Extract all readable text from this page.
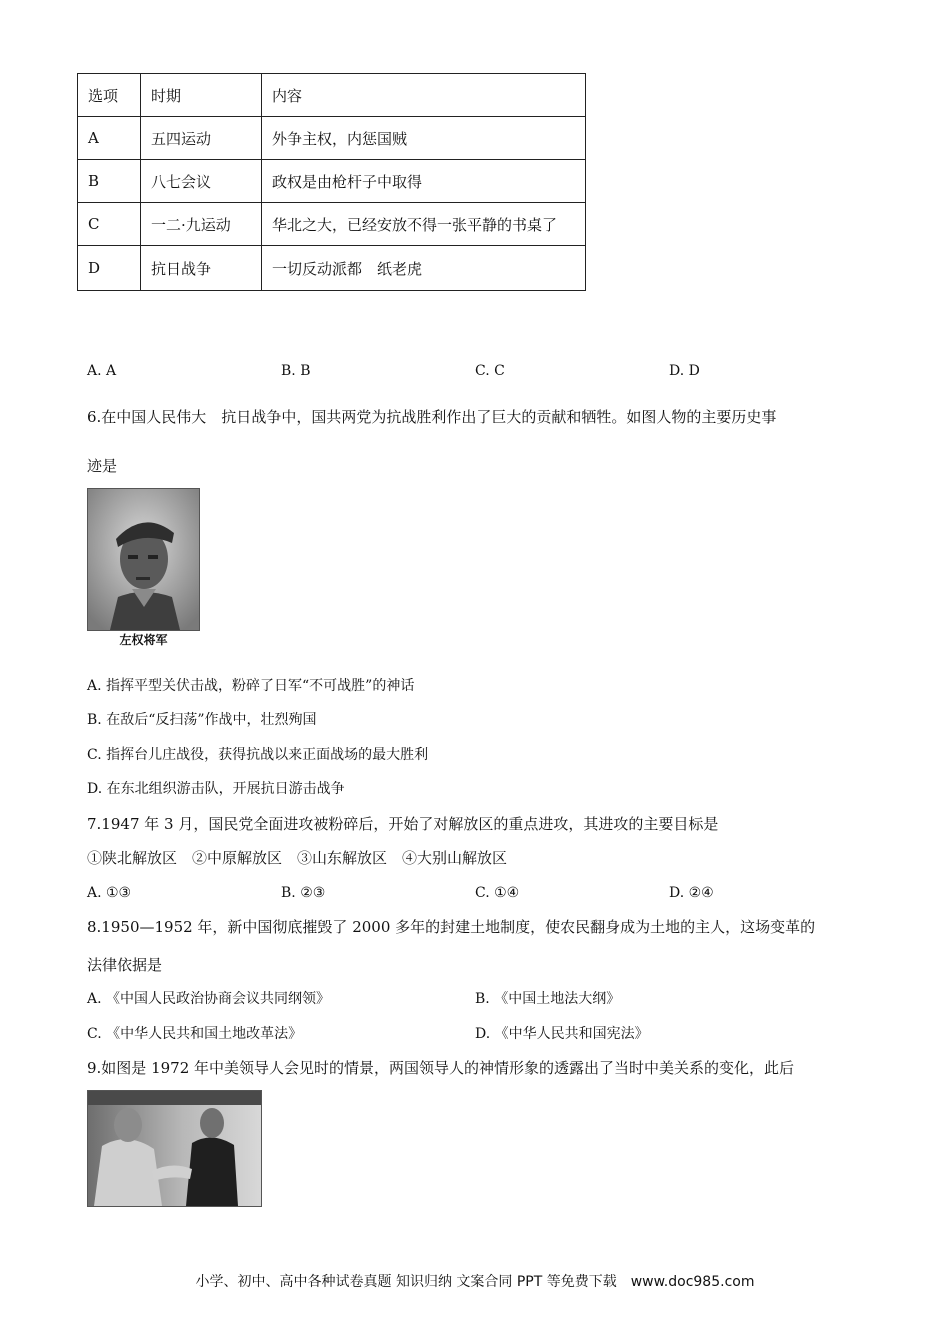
选项	时期	内容
A	五四运动	外争主权，内惩国贼
B	八七会议	政权是由枪杆子中取得
C	一二·九运动	华北之大，已经安放不得一张平静的书桌了
D	抗日战争	一切反动派都　纸老虎
A. A	B. B	C. C	D. D
6.在中国人民伟大　抗日战争中，国共两党为抗战胜利作出了巨大的贡献和牺牲。如图人物的主要历史事
迹是
左权将军
A. 指挥平型关伏击战，粉碎了日军“不可战胜”的神话
B. 在敌后“反扫荡”作战中，壮烈殉国
C. 指挥台儿庄战役，获得抗战以来正面战场的最大胜利
D. 在东北组织游击队，开展抗日游击战争
7.1947 年 3 月，国民党全面进攻被粉碎后，开始了对解放区的重点进攻，其进攻的主要目标是
①陕北解放区　②中原解放区　③山东解放区　④大别山解放区
A. ①③	B. ②③	C. ①④	D. ②④
8.1950—1952 年，新中国彻底摧毁了 2000 多年的封建土地制度，使农民翻身成为土地的主人，这场变革的
法律依据是
A. 《中国人民政治协商会议共同纲领》	B. 《中国土地法大纲》
C. 《中华人民共和国土地改革法》	D. 《中华人民共和国宪法》
9.如图是 1972 年中美领导人会见时的情景，两国领导人的神情形象的透露出了当时中美关系的变化，此后
小学、初中、高中各种试卷真题 知识归纳 文案合同 PPT 等免费下载　www.doc985.com
